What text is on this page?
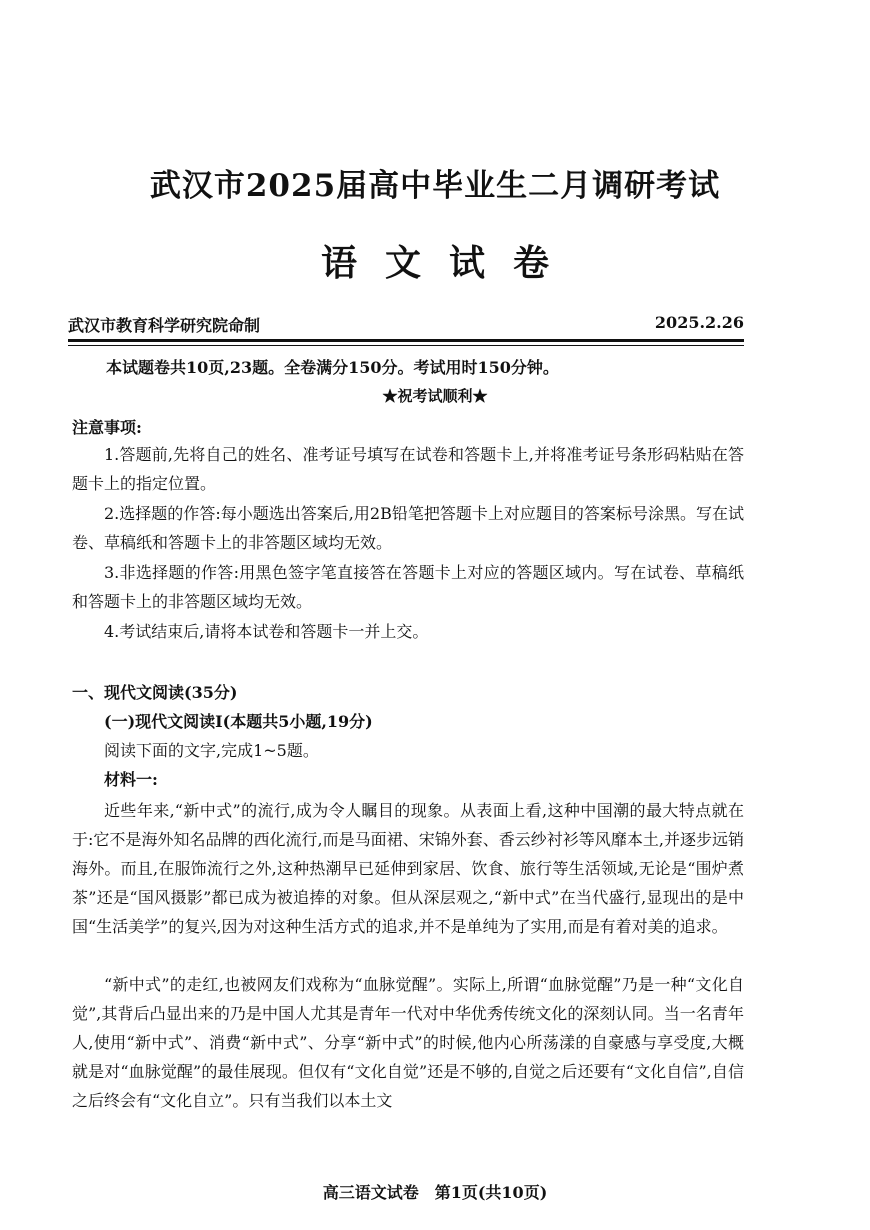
武汉市2025届高中毕业生二月调研考试
语文试卷
武汉市教育科学研究院命制	2025.2.26
本试题卷共10页,23题。全卷满分150分。考试用时150分钟。
★祝考试顺利★
注意事项:

1.答题前,先将自己的姓名、准考证号填写在试卷和答题卡上,并将准考证号条形码粘贴在答题卡上的指定位置。

2.选择题的作答:每小题选出答案后,用2B铅笔把答题卡上对应题目的答案标号涂黑。写在试卷、草稿纸和答题卡上的非答题区域均无效。

3.非选择题的作答:用黑色签字笔直接答在答题卡上对应的答题区域内。写在试卷、草稿纸和答题卡上的非答题区域均无效。

4.考试结束后,请将本试卷和答题卡一并上交。

一、现代文阅读(35分)
(一)现代文阅读Ⅰ(本题共5小题,19分)
阅读下面的文字,完成1~5题。
材料一:

近些年来,“新中式”的流行,成为令人瞩目的现象。从表面上看,这种中国潮的最大特点就在于:它不是海外知名品牌的西化流行,而是马面裙、宋锦外套、香云纱衬衫等风靡本土,并逐步远销海外。而且,在服饰流行之外,这种热潮早已延伸到家居、饮食、旅行等生活领域,无论是“围炉煮茶”还是“国风摄影”都已成为被追捧的对象。但从深层观之,“新中式”在当代盛行,显现出的是中国“生活美学”的复兴,因为对这种生活方式的追求,并不是单纯为了实用,而是有着对美的追求。

“新中式”的走红,也被网友们戏称为“血脉觉醒”。实际上,所谓“血脉觉醒”乃是一种“文化自觉”,其背后凸显出来的乃是中国人尤其是青年一代对中华优秀传统文化的深刻认同。当一名青年人,使用“新中式”、消费“新中式”、分享“新中式”的时候,他内心所荡漾的自豪感与享受度,大概就是对“血脉觉醒”的最佳展现。但仅有“文化自觉”还是不够的,自觉之后还要有“文化自信”,自信之后终会有“文化自立”。只有当我们以本土文

高三语文试卷　第1页(共10页)
